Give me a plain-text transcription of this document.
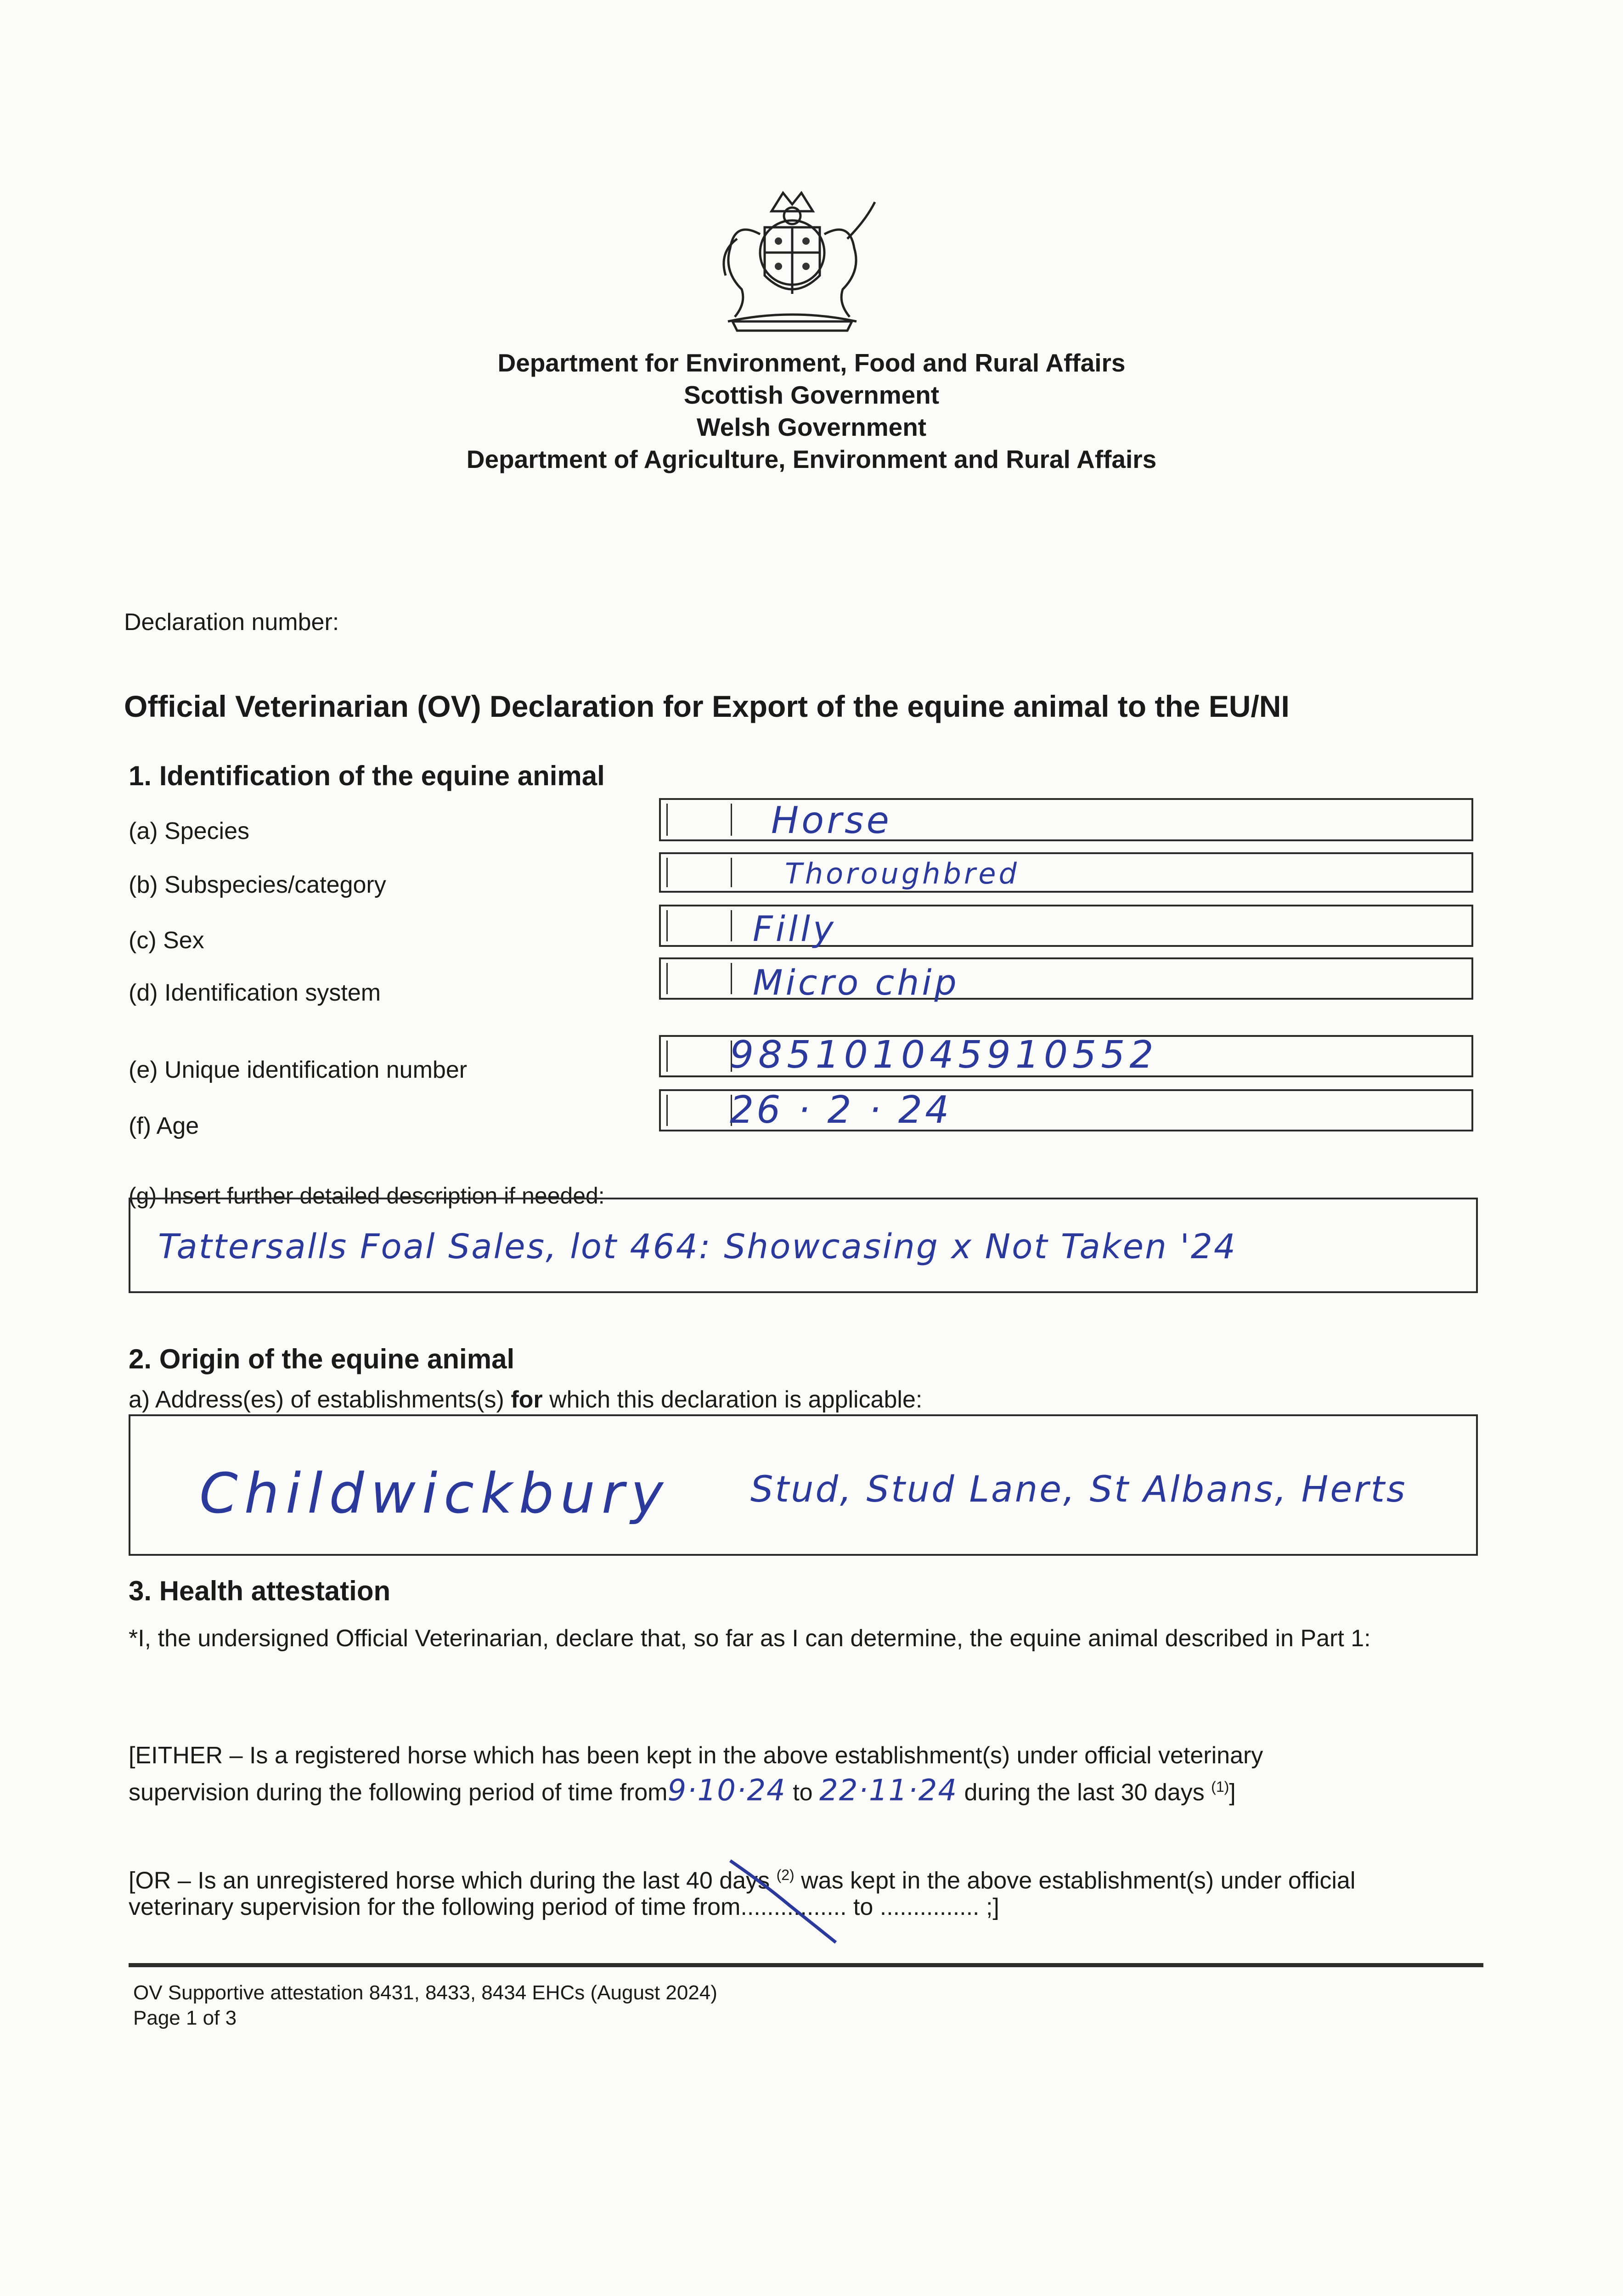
Department for Environment, Food and Rural Affairs
Scottish Government
Welsh Government
Department of Agriculture, Environment and Rural Affairs
Declaration number:
Official Veterinarian (OV) Declaration for Export of the equine animal to the EU/NI
1. Identification of the equine animal
(a) Species	Horse
(b) Subspecies/category	Thoroughbred
(c) Sex	Filly
(d) Identification system	Micro chip
(e) Unique identification number	985101045910552
(f) Age	26 · 2 · 24
(g) Insert further detailed description if needed:
Tattersalls Foal Sales, lot 464: Showcasing x Not Taken '24
2. Origin of the equine animal
a) Address(es) of establishments(s) for which this declaration is applicable:
Childwickbury Stud, Stud Lane, St Albans, Herts
3. Health attestation
*I, the undersigned Official Veterinarian, declare that, so far as I can determine, the equine animal described in Part 1:
[EITHER – Is a registered horse which has been kept in the above establishment(s) under official veterinary
supervision during the following period of time from9·10·24 to 22·11·24 during the last 30 days $^{(1)}$]
[OR – Is an unregistered horse which during the last 40 days $^{(2)}$ was kept in the above establishment(s) under official
veterinary supervision for the following period of time from................ to ............... ;]
OV Supportive attestation 8431, 8433, 8434 EHCs (August 2024)
Page 1 of 3
